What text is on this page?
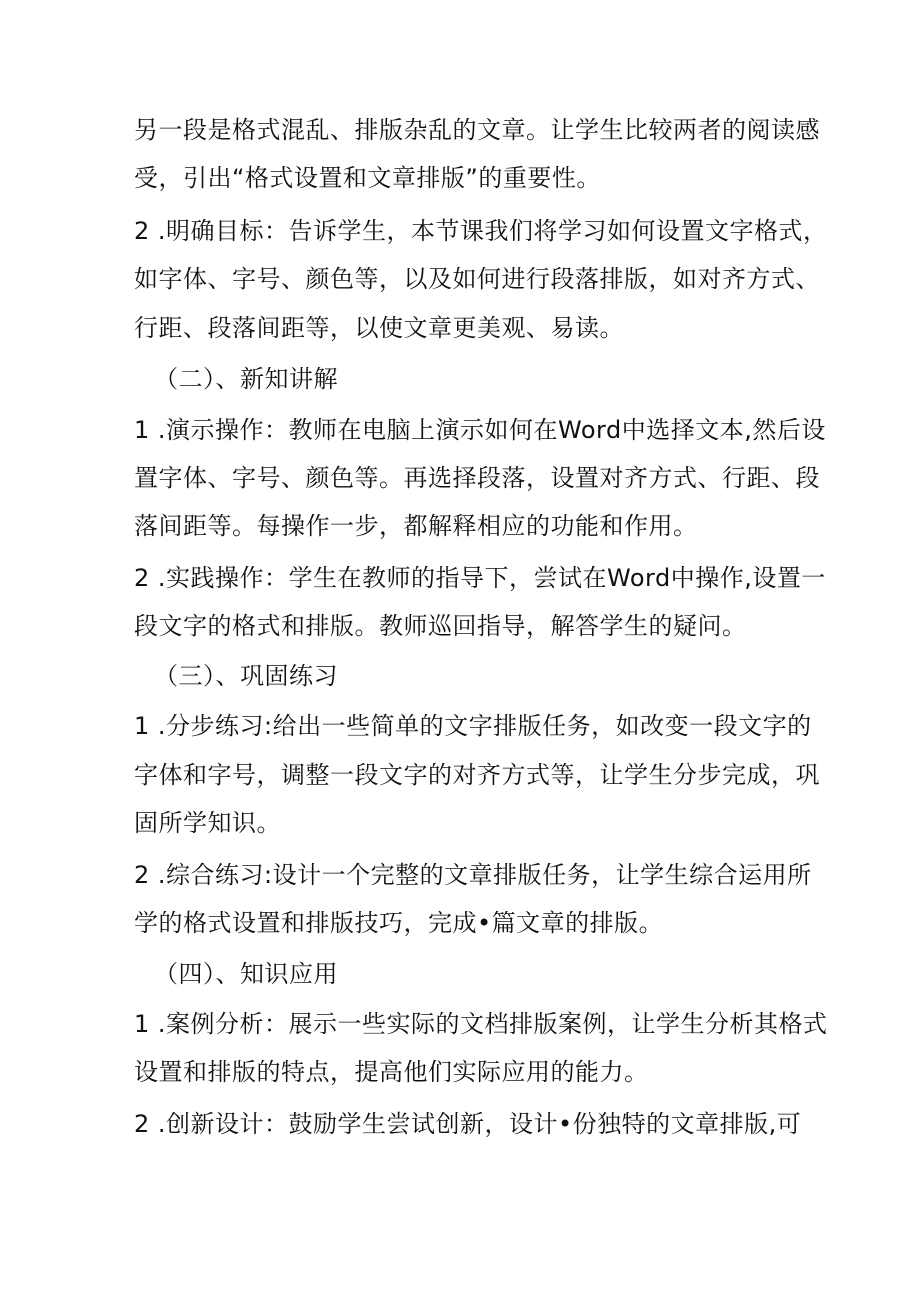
另一段是格式混乱、排版杂乱的文章。让学生比较两者的阅读感
受，引出“格式设置和文章排版”的重要性。
2 .明确目标：告诉学生，本节课我们将学习如何设置文字格式，
如字体、字号、颜色等，以及如何进行段落排版，如对齐方式、
行距、段落间距等，以使文章更美观、易读。
（二）、新知讲解
1 .演示操作：教师在电脑上演示如何在Word中选择文本,然后设
置字体、字号、颜色等。再选择段落，设置对齐方式、行距、段
落间距等。每操作一步，都解释相应的功能和作用。
2 .实践操作：学生在教师的指导下，尝试在Word中操作,设置一
段文字的格式和排版。教师巡回指导，解答学生的疑问。
（三）、巩固练习
1 .分步练习:给出一些简单的文字排版任务，如改变一段文字的
字体和字号，调整一段文字的对齐方式等，让学生分步完成，巩
固所学知识。
2 .综合练习:设计一个完整的文章排版任务，让学生综合运用所
学的格式设置和排版技巧，完成•篇文章的排版。
（四）、知识应用
1 .案例分析：展示一些实际的文档排版案例，让学生分析其格式
设置和排版的特点，提高他们实际应用的能力。
2 .创新设计：鼓励学生尝试创新，设计•份独特的文章排版,可
